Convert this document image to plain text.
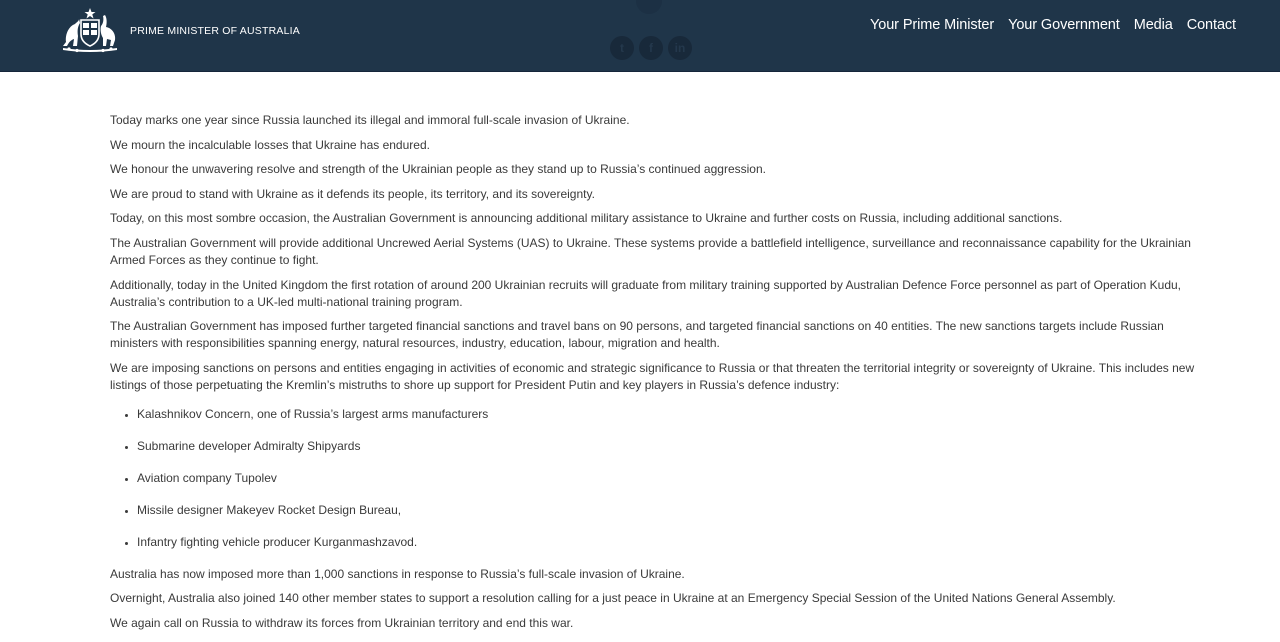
PRIME MINISTER OF AUSTRALIA
t	f	in
Your Prime Minister Your Government Media Contact

Today marks one year since Russia launched its illegal and immoral full-scale invasion of Ukraine.

We mourn the incalculable losses that Ukraine has endured.

We honour the unwavering resolve and strength of the Ukrainian people as they stand up to Russia’s continued aggression.

We are proud to stand with Ukraine as it defends its people, its territory, and its sovereignty.

Today, on this most sombre occasion, the Australian Government is announcing additional military assistance to Ukraine and further costs on Russia, including additional sanctions.

The Australian Government will provide additional Uncrewed Aerial Systems (UAS) to Ukraine. These systems provide a battlefield intelligence, surveillance and reconnaissance capability for the Ukrainian Armed Forces as they continue to fight.

Additionally, today in the United Kingdom the first rotation of around 200 Ukrainian recruits will graduate from military training supported by Australian Defence Force personnel as part of Operation Kudu, Australia’s contribution to a UK-led multi-national training program.

The Australian Government has imposed further targeted financial sanctions and travel bans on 90 persons, and targeted financial sanctions on 40 entities. The new sanctions targets include Russian ministers with responsibilities spanning energy, natural resources, industry, education, labour, migration and health.

We are imposing sanctions on persons and entities engaging in activities of economic and strategic significance to Russia or that threaten the territorial integrity or sovereignty of Ukraine. This includes new listings of those perpetuating the Kremlin’s mistruths to shore up support for President Putin and key players in Russia’s defence industry:

• Kalashnikov Concern, one of Russia’s largest arms manufacturers
• Submarine developer Admiralty Shipyards
• Aviation company Tupolev
• Missile designer Makeyev Rocket Design Bureau,
• Infantry fighting vehicle producer Kurganmashzavod.

Australia has now imposed more than 1,000 sanctions in response to Russia’s full-scale invasion of Ukraine.

Overnight, Australia also joined 140 other member states to support a resolution calling for a just peace in Ukraine at an Emergency Special Session of the United Nations General Assembly.

We again call on Russia to withdraw its forces from Ukrainian territory and end this war.
